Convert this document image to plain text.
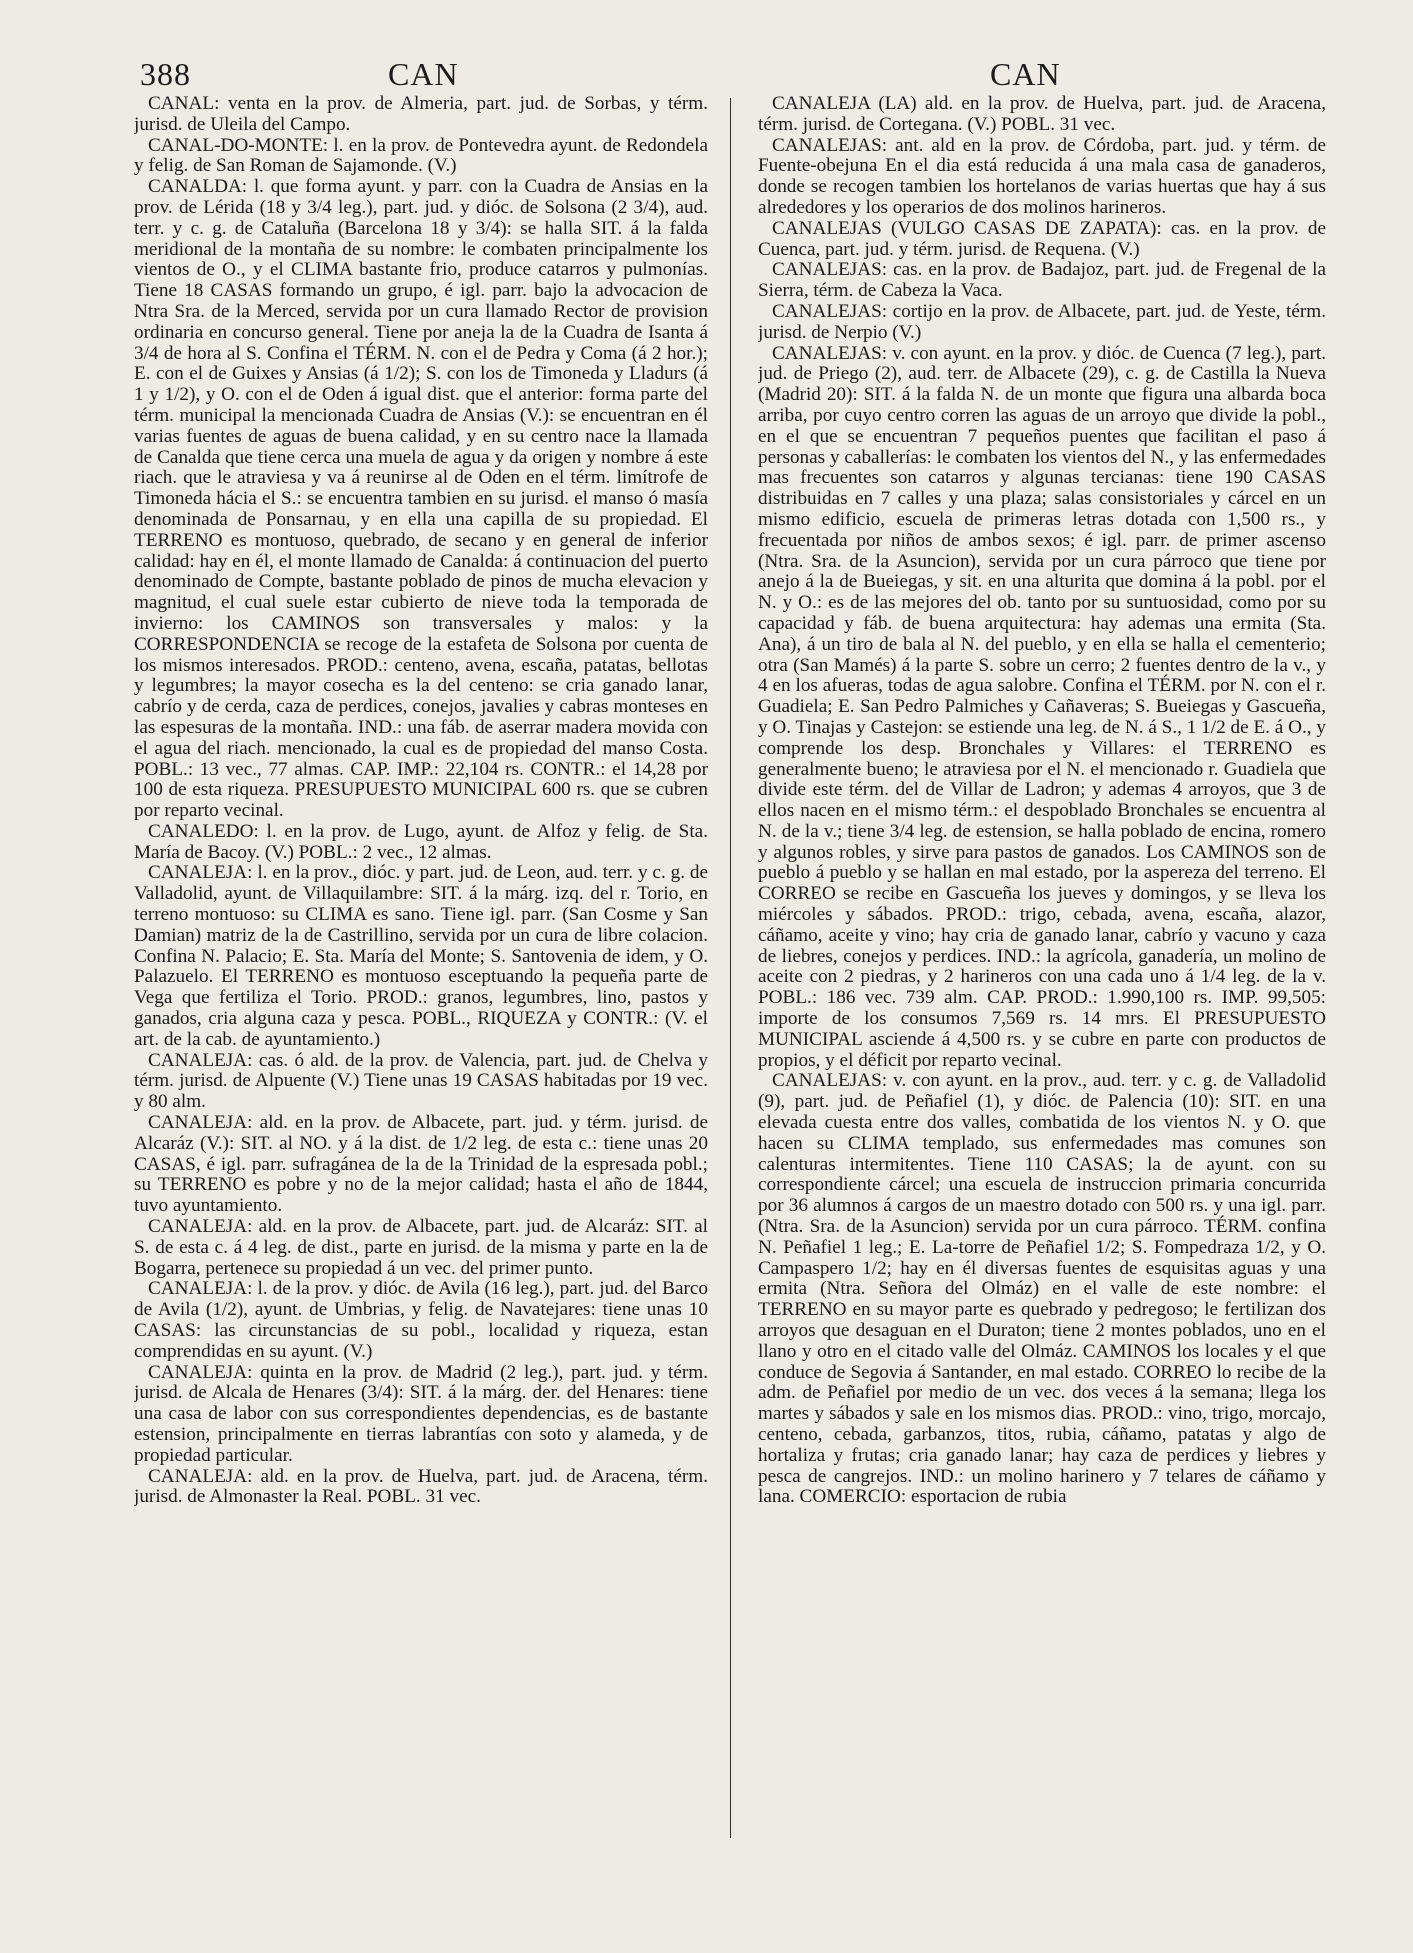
388	CAN	CAN

CANAL: venta en la prov. de Almeria, part. jud. de Sorbas, y térm. jurisd. de Uleila del Campo.

CANAL-DO-MONTE: l. en la prov. de Pontevedra ayunt. de Redondela y felig. de San Roman de Sajamonde. (V.)

CANALDA: l. que forma ayunt. y parr. con la Cuadra de Ansias en la prov. de Lérida (18 y 3/4 leg.), part. jud. y dióc. de Solsona (2 3/4), aud. terr. y c. g. de Cataluña (Barcelona 18 y 3/4): se halla SIT. á la falda meridional de la montaña de su nombre: le combaten principalmente los vientos de O., y el CLIMA bastante frio, produce catarros y pulmonías. Tiene 18 CASAS formando un grupo, é igl. parr. bajo la advocacion de Ntra Sra. de la Merced, servida por un cura llamado Rector de provision ordinaria en concurso general. Tiene por aneja la de la Cuadra de Isanta á 3/4 de hora al S. Confina el TÉRM. N. con el de Pedra y Coma (á 2 hor.); E. con el de Guixes y Ansias (á 1/2); S. con los de Timoneda y Lladurs (á 1 y 1/2), y O. con el de Oden á igual dist. que el anterior: forma parte del térm. municipal la mencionada Cuadra de Ansias (V.): se encuentran en él varias fuentes de aguas de buena calidad, y en su centro nace la llamada de Canalda que tiene cerca una muela de agua y da origen y nombre á este riach. que le atraviesa y va á reunirse al de Oden en el térm. limítrofe de Timoneda hácia el S.: se encuentra tambien en su jurisd. el manso ó masía denominada de Ponsarnau, y en ella una capilla de su propiedad. El TERRENO es montuoso, quebrado, de secano y en general de inferior calidad: hay en él, el monte llamado de Canalda: á continuacion del puerto denominado de Compte, bastante poblado de pinos de mucha elevacion y magnitud, el cual suele estar cubierto de nieve toda la temporada de invierno: los CAMINOS son transversales y malos: y la CORRESPONDENCIA se recoge de la estafeta de Solsona por cuenta de los mismos interesados. PROD.: centeno, avena, escaña, patatas, bellotas y legumbres; la mayor cosecha es la del centeno: se cria ganado lanar, cabrío y de cerda, caza de perdices, conejos, javalies y cabras monteses en las espesuras de la montaña. IND.: una fáb. de aserrar madera movida con el agua del riach. mencionado, la cual es de propiedad del manso Costa. POBL.: 13 vec., 77 almas. CAP. IMP.: 22,104 rs. CONTR.: el 14,28 por 100 de esta riqueza. PRESUPUESTO MUNICIPAL 600 rs. que se cubren por reparto vecinal.

CANALEDO: l. en la prov. de Lugo, ayunt. de Alfoz y felig. de Sta. María de Bacoy. (V.) POBL.: 2 vec., 12 almas.

CANALEJA: l. en la prov., dióc. y part. jud. de Leon, aud. terr. y c. g. de Valladolid, ayunt. de Villaquilambre: SIT. á la márg. izq. del r. Torio, en terreno montuoso: su CLIMA es sano. Tiene igl. parr. (San Cosme y San Damian) matriz de la de Castrillino, servida por un cura de libre colacion. Confina N. Palacio; E. Sta. María del Monte; S. Santovenia de idem, y O. Palazuelo. El TERRENO es montuoso esceptuando la pequeña parte de Vega que fertiliza el Torio. PROD.: granos, legumbres, lino, pastos y ganados, cria alguna caza y pesca. POBL., RIQUEZA y CONTR.: (V. el art. de la cab. de ayuntamiento.)

CANALEJA: cas. ó ald. de la prov. de Valencia, part. jud. de Chelva y térm. jurisd. de Alpuente (V.) Tiene unas 19 CASAS habitadas por 19 vec. y 80 alm.

CANALEJA: ald. en la prov. de Albacete, part. jud. y térm. jurisd. de Alcaráz (V.): SIT. al NO. y á la dist. de 1/2 leg. de esta c.: tiene unas 20 CASAS, é igl. parr. sufragánea de la de la Trinidad de la espresada pobl.; su TERRENO es pobre y no de la mejor calidad; hasta el año de 1844, tuvo ayuntamiento.

CANALEJA: ald. en la prov. de Albacete, part. jud. de Alcaráz: SIT. al S. de esta c. á 4 leg. de dist., parte en jurisd. de la misma y parte en la de Bogarra, pertenece su propiedad á un vec. del primer punto.

CANALEJA: l. de la prov. y dióc. de Avila (16 leg.), part. jud. del Barco de Avila (1/2), ayunt. de Umbrias, y felig. de Navatejares: tiene unas 10 CASAS: las circunstancias de su pobl., localidad y riqueza, estan comprendidas en su ayunt. (V.)

CANALEJA: quinta en la prov. de Madrid (2 leg.), part. jud. y térm. jurisd. de Alcala de Henares (3/4): SIT. á la márg. der. del Henares: tiene una casa de labor con sus correspondientes dependencias, es de bastante estension, principalmente en tierras labrantías con soto y alameda, y de propiedad particular.

CANALEJA: ald. en la prov. de Huelva, part. jud. de Aracena, térm. jurisd. de Almonaster la Real. POBL. 31 vec.

CANALEJA (LA) ald. en la prov. de Huelva, part. jud. de Aracena, térm. jurisd. de Cortegana. (V.) POBL. 31 vec.

CANALEJAS: ant. ald en la prov. de Córdoba, part. jud. y térm. de Fuente-obejuna En el dia está reducida á una mala casa de ganaderos, donde se recogen tambien los hortelanos de varias huertas que hay á sus alrededores y los operarios de dos molinos harineros.

CANALEJAS (VULGO CASAS DE ZAPATA): cas. en la prov. de Cuenca, part. jud. y térm. jurisd. de Requena. (V.)

CANALEJAS: cas. en la prov. de Badajoz, part. jud. de Fregenal de la Sierra, térm. de Cabeza la Vaca.

CANALEJAS: cortijo en la prov. de Albacete, part. jud. de Yeste, térm. jurisd. de Nerpio (V.)

CANALEJAS: v. con ayunt. en la prov. y dióc. de Cuenca (7 leg.), part. jud. de Priego (2), aud. terr. de Albacete (29), c. g. de Castilla la Nueva (Madrid 20): SIT. á la falda N. de un monte que figura una albarda boca arriba, por cuyo centro corren las aguas de un arroyo que divide la pobl., en el que se encuentran 7 pequeños puentes que facilitan el paso á personas y caballerías: le combaten los vientos del N., y las enfermedades mas frecuentes son catarros y algunas tercianas: tiene 190 CASAS distribuidas en 7 calles y una plaza; salas consistoriales y cárcel en un mismo edificio, escuela de primeras letras dotada con 1,500 rs., y frecuentada por niños de ambos sexos; é igl. parr. de primer ascenso (Ntra. Sra. de la Asuncion), servida por un cura párroco que tiene por anejo á la de Bueiegas, y sit. en una alturita que domina á la pobl. por el N. y O.: es de las mejores del ob. tanto por su suntuosidad, como por su capacidad y fáb. de buena arquitectura: hay ademas una ermita (Sta. Ana), á un tiro de bala al N. del pueblo, y en ella se halla el cementerio; otra (San Mamés) á la parte S. sobre un cerro; 2 fuentes dentro de la v., y 4 en los afueras, todas de agua salobre. Confina el TÉRM. por N. con el r. Guadiela; E. San Pedro Palmiches y Cañaveras; S. Bueiegas y Gascueña, y O. Tinajas y Castejon: se estiende una leg. de N. á S., 1 1/2 de E. á O., y comprende los desp. Bronchales y Villares: el TERRENO es generalmente bueno; le atraviesa por el N. el mencionado r. Guadiela que divide este térm. del de Villar de Ladron; y ademas 4 arroyos, que 3 de ellos nacen en el mismo térm.: el despoblado Bronchales se encuentra al N. de la v.; tiene 3/4 leg. de estension, se halla poblado de encina, romero y algunos robles, y sirve para pastos de ganados. Los CAMINOS son de pueblo á pueblo y se hallan en mal estado, por la aspereza del terreno. El CORREO se recibe en Gascueña los jueves y domingos, y se lleva los miércoles y sábados. PROD.: trigo, cebada, avena, escaña, alazor, cáñamo, aceite y vino; hay cria de ganado lanar, cabrío y vacuno y caza de liebres, conejos y perdices. IND.: la agrícola, ganadería, un molino de aceite con 2 piedras, y 2 harineros con una cada uno á 1/4 leg. de la v. POBL.: 186 vec. 739 alm. CAP. PROD.: 1.990,100 rs. IMP. 99,505: importe de los consumos 7,569 rs. 14 mrs. El PRESUPUESTO MUNICIPAL asciende á 4,500 rs. y se cubre en parte con productos de propios, y el déficit por reparto vecinal.

CANALEJAS: v. con ayunt. en la prov., aud. terr. y c. g. de Valladolid (9), part. jud. de Peñafiel (1), y dióc. de Palencia (10): SIT. en una elevada cuesta entre dos valles, combatida de los vientos N. y O. que hacen su CLIMA templado, sus enfermedades mas comunes son calenturas intermitentes. Tiene 110 CASAS; la de ayunt. con su correspondiente cárcel; una escuela de instruccion primaria concurrida por 36 alumnos á cargos de un maestro dotado con 500 rs. y una igl. parr. (Ntra. Sra. de la Asuncion) servida por un cura párroco. TÉRM. confina N. Peñafiel 1 leg.; E. La-torre de Peñafiel 1/2; S. Fompedraza 1/2, y O. Campaspero 1/2; hay en él diversas fuentes de esquisitas aguas y una ermita (Ntra. Señora del Olmáz) en el valle de este nombre: el TERRENO en su mayor parte es quebrado y pedregoso; le fertilizan dos arroyos que desaguan en el Duraton; tiene 2 montes poblados, uno en el llano y otro en el citado valle del Olmáz. CAMINOS los locales y el que conduce de Segovia á Santander, en mal estado. CORREO lo recibe de la adm. de Peñafiel por medio de un vec. dos veces á la semana; llega los martes y sábados y sale en los mismos dias. PROD.: vino, trigo, morcajo, centeno, cebada, garbanzos, titos, rubia, cáñamo, patatas y algo de hortaliza y frutas; cria ganado lanar; hay caza de perdices y liebres y pesca de cangrejos. IND.: un molino harinero y 7 telares de cáñamo y lana. COMERCIO: esportacion de rubia
